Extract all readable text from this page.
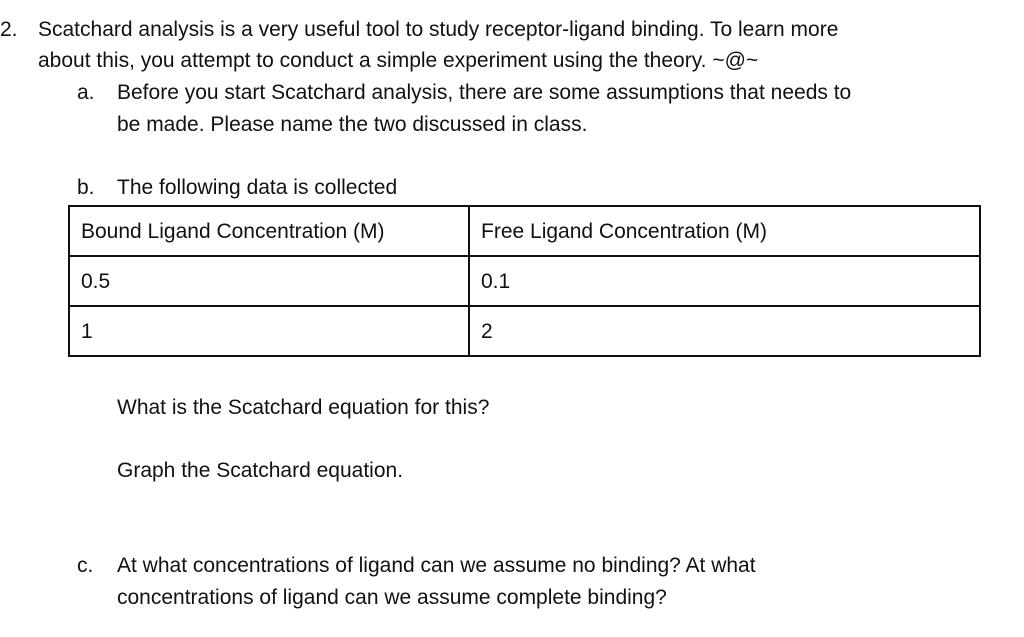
2. Scatchard analysis is a very useful tool to study receptor-ligand binding. To learn more
about this, you attempt to conduct a simple experiment using the theory. ~@~
a. Before you start Scatchard analysis, there are some assumptions that needs to
be made. Please name the two discussed in class.
b. The following data is collected
Bound Ligand Concentration (M)	Free Ligand Concentration (M)
0.5	0.1
1	2
What is the Scatchard equation for this?
Graph the Scatchard equation.
c. At what concentrations of ligand can we assume no binding? At what
concentrations of ligand can we assume complete binding?
